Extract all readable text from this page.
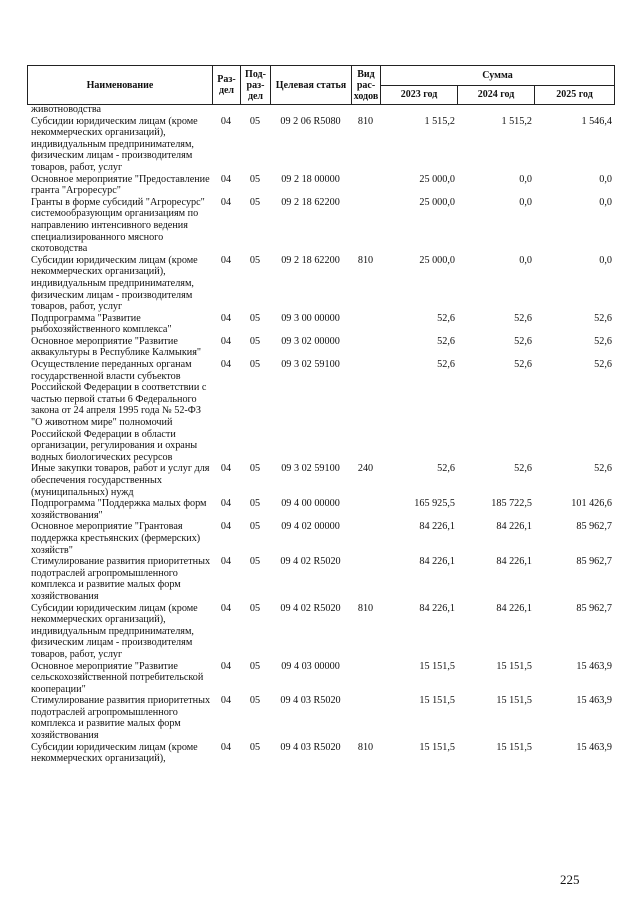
Наименование	Раз-дел	Под-раз-дел	Целевая статья	Вид рас-ходов	Сумма		
					2023 год	2024 год	2025 год
животноводства
Субсидии юридическим лицам (кроме некоммерческих организаций), индивидуальным предпринимателям, физическим лицам - производителям товаров, работ, услуг
04	05	09 2 06 R5080	810	1 515,2	1 515,2	1 546,4
Основное мероприятие "Предоставление гранта "Агроресурс"
04	05	09 2 18 00000	25 000,0	0,0	0,0
Гранты в форме субсидий "Агроресурс" системообразующим организациям по направлению интенсивного ведения специализированного мясного скотоводства
04	05	09 2 18 62200	25 000,0	0,0	0,0
Субсидии юридическим лицам (кроме некоммерческих организаций), индивидуальным предпринимателям, физическим лицам - производителям товаров, работ, услуг
04	05	09 2 18 62200	810	25 000,0	0,0	0,0
Подпрограмма "Развитие рыбохозяйственного комплекса"
04	05	09 3 00 00000	52,6	52,6	52,6
Основное мероприятие "Развитие аквакультуры в Республике Калмыкия"
04	05	09 3 02 00000	52,6	52,6	52,6
Осуществление переданных органам государственной власти субъектов Российской Федерации в соответствии с частью первой статьи 6 Федерального закона от 24 апреля 1995 года № 52-ФЗ "О животном мире" полномочий Российской Федерации в области организации, регулирования и охраны водных биологических ресурсов
04	05	09 3 02 59100	52,6	52,6	52,6
Иные закупки товаров, работ и услуг для обеспечения государственных (муниципальных) нужд
04	05	09 3 02 59100	240	52,6	52,6	52,6
Подпрограмма "Поддержка малых форм хозяйствования"
04	05	09 4 00 00000	165 925,5	185 722,5	101 426,6
Основное мероприятие "Грантовая поддержка крестьянских (фермерских) хозяйств"
04	05	09 4 02 00000	84 226,1	84 226,1	85 962,7
Стимулирование развития приоритетных подотраслей агропромышленного комплекса и развитие малых форм хозяйствования
04	05	09 4 02 R5020	84 226,1	84 226,1	85 962,7
Субсидии юридическим лицам (кроме некоммерческих организаций), индивидуальным предпринимателям, физическим лицам - производителям товаров, работ, услуг
04	05	09 4 02 R5020	810	84 226,1	84 226,1	85 962,7
Основное мероприятие "Развитие сельскохозяйственной потребительской кооперации"
04	05	09 4 03 00000	15 151,5	15 151,5	15 463,9
Стимулирование развития приоритетных подотраслей агропромышленного комплекса и развитие малых форм хозяйствования
04	05	09 4 03 R5020	15 151,5	15 151,5	15 463,9
Субсидии юридическим лицам (кроме некоммерческих организаций),
04	05	09 4 03 R5020	810	15 151,5	15 151,5	15 463,9
225
